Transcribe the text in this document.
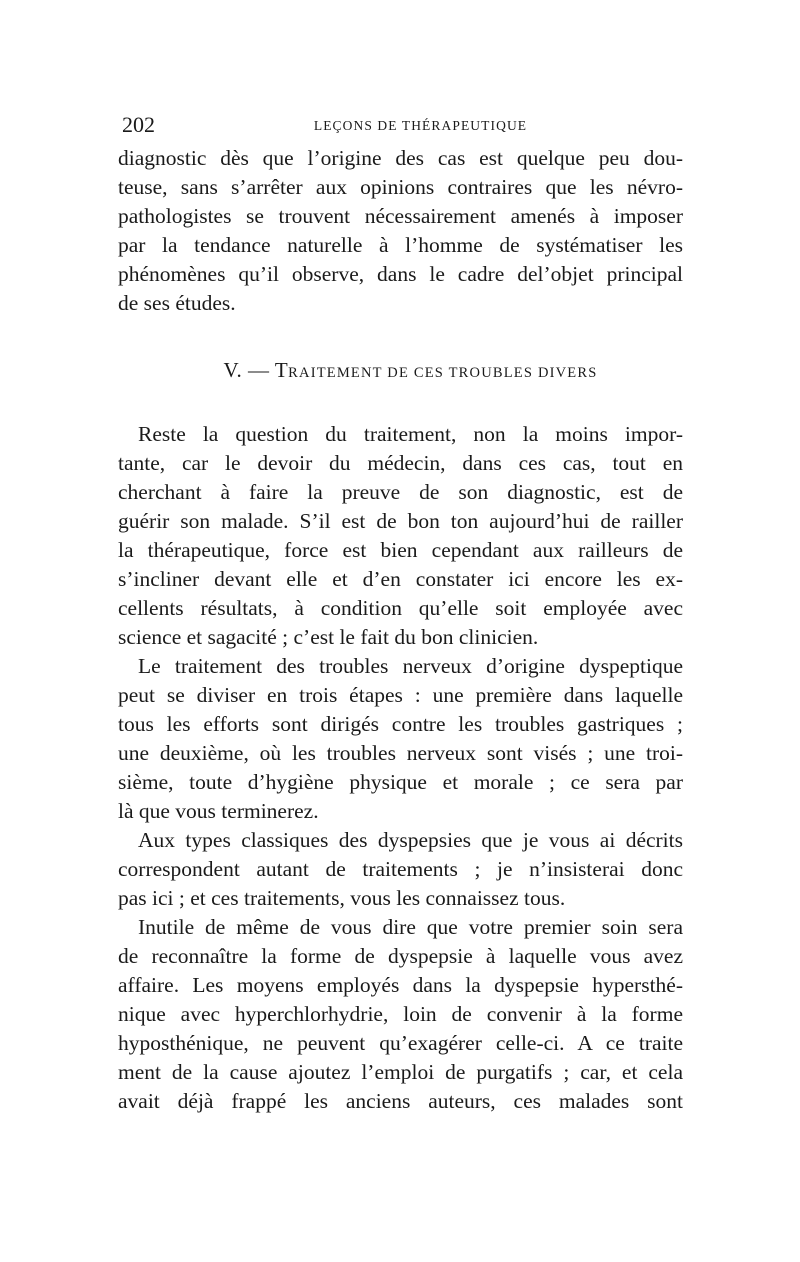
202	LEÇONS DE THÉRAPEUTIQUE
diagnostic dès que l’origine des cas est quelque peu dou-
teuse, sans s’arrêter aux opinions contraires que les névro-
pathologistes se trouvent nécessairement amenés à imposer
par la tendance naturelle à l’homme de systématiser les
phénomènes qu’il observe, dans le cadre del’objet principal
de ses études.
V. — TRAITEMENT DE CES TROUBLES DIVERS
Reste la question du traitement, non la moins impor-
tante, car le devoir du médecin, dans ces cas, tout en
cherchant à faire la preuve de son diagnostic, est de
guérir son malade. S’il est de bon ton aujourd’hui de railler
la thérapeutique, force est bien cependant aux railleurs de
s’incliner devant elle et d’en constater ici encore les ex-
cellents résultats, à condition qu’elle soit employée avec
science et sagacité ; c’est le fait du bon clinicien.
Le traitement des troubles nerveux d’origine dyspeptique
peut se diviser en trois étapes : une première dans laquelle
tous les efforts sont dirigés contre les troubles gastriques ;
une deuxième, où les troubles nerveux sont visés ; une troi-
sième, toute d’hygiène physique et morale ; ce sera par
là que vous terminerez.
Aux types classiques des dyspepsies que je vous ai décrits
correspondent autant de traitements ; je n’insisterai donc
pas ici ; et ces traitements, vous les connaissez tous.
Inutile de même de vous dire que votre premier soin sera
de reconnaître la forme de dyspepsie à laquelle vous avez
affaire. Les moyens employés dans la dyspepsie hypersthé-
nique avec hyperchlorhydrie, loin de convenir à la forme
hyposthénique, ne peuvent qu’exagérer celle-ci. A ce traite
ment de la cause ajoutez l’emploi de purgatifs ; car, et cela
avait déjà frappé les anciens auteurs, ces malades sont
